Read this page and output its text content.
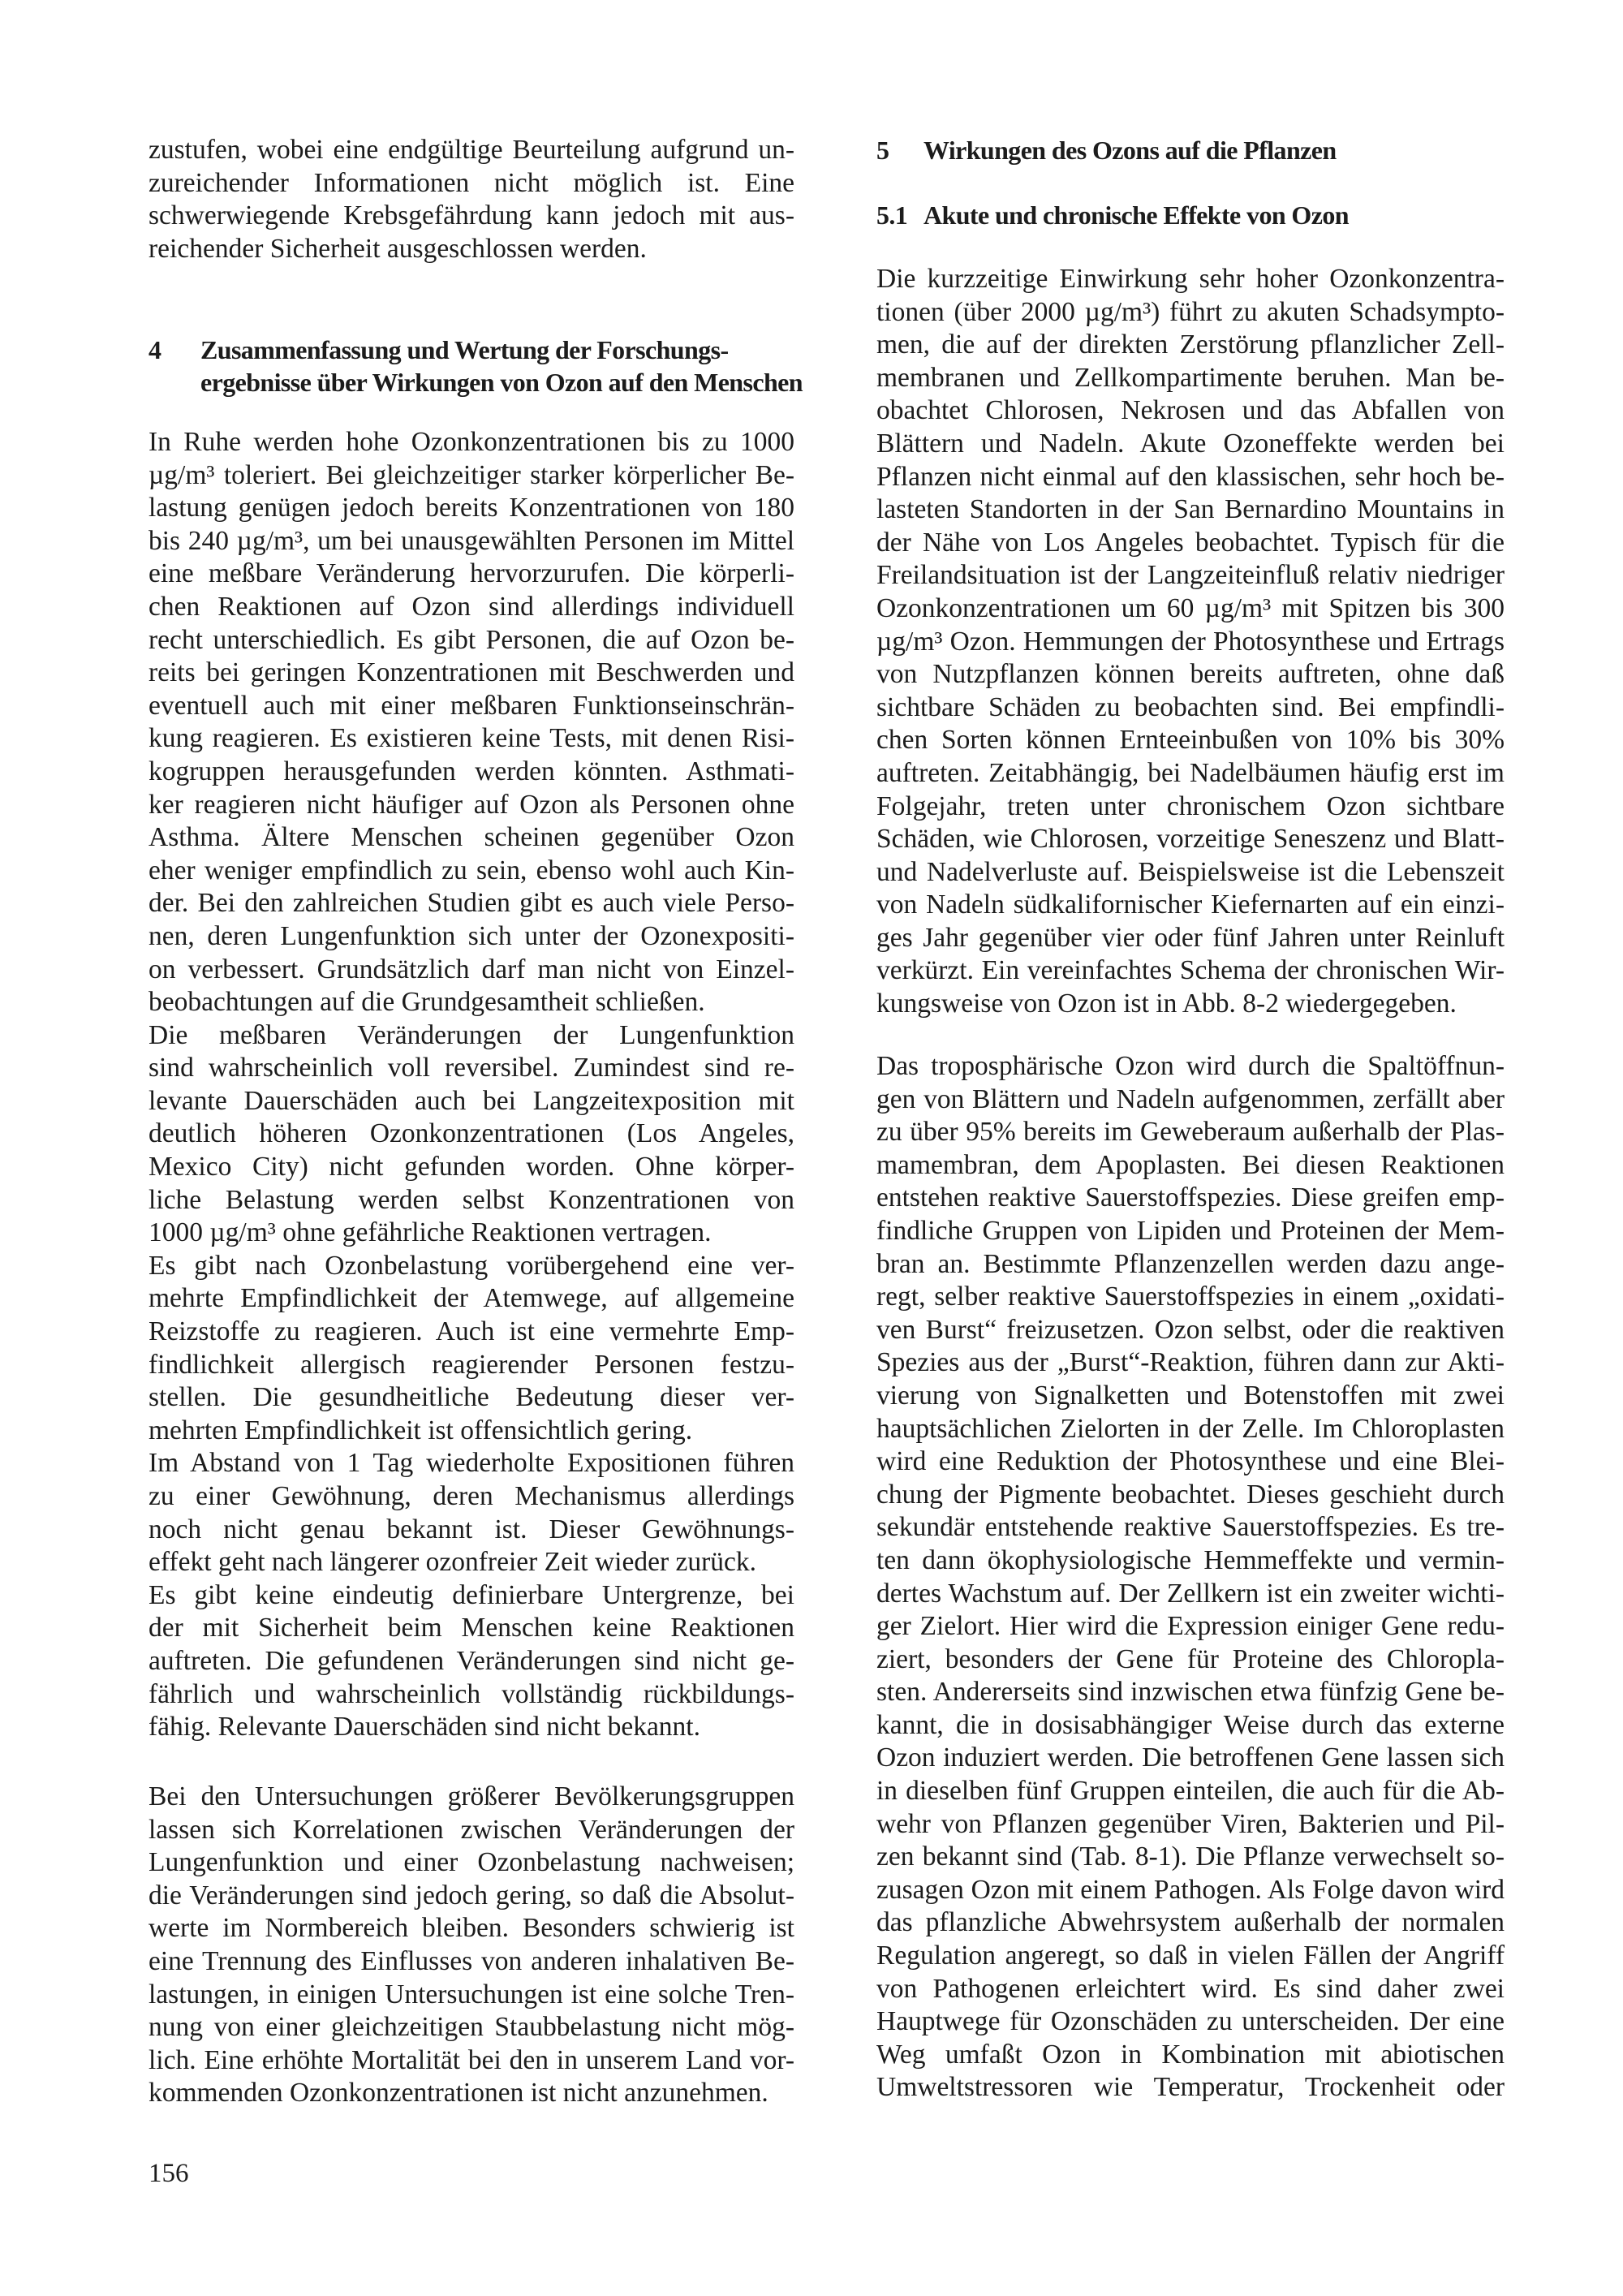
zustufen, wobei eine endgültige Beurteilung aufgrund un-
zureichender Informationen nicht möglich ist. Eine
schwerwiegende Krebsgefährdung kann jedoch mit aus-
reichender Sicherheit ausgeschlossen werden.
4 Zusammenfassung und Wertung der Forschungs-
ergebnisse über Wirkungen von Ozon auf den Menschen
In Ruhe werden hohe Ozonkonzentrationen bis zu 1000
µg/m³ toleriert. Bei gleichzeitiger starker körperlicher Be-
lastung genügen jedoch bereits Konzentrationen von 180
bis 240 µg/m³, um bei unausgewählten Personen im Mittel
eine meßbare Veränderung hervorzurufen. Die körperli-
chen Reaktionen auf Ozon sind allerdings individuell
recht unterschiedlich. Es gibt Personen, die auf Ozon be-
reits bei geringen Konzentrationen mit Beschwerden und
eventuell auch mit einer meßbaren Funktionseinschrän-
kung reagieren. Es existieren keine Tests, mit denen Risi-
kogruppen herausgefunden werden könnten. Asthmati-
ker reagieren nicht häufiger auf Ozon als Personen ohne
Asthma. Ältere Menschen scheinen gegenüber Ozon
eher weniger empfindlich zu sein, ebenso wohl auch Kin-
der. Bei den zahlreichen Studien gibt es auch viele Perso-
nen, deren Lungenfunktion sich unter der Ozonexpositi-
on verbessert. Grundsätzlich darf man nicht von Einzel-
beobachtungen auf die Grundgesamtheit schließen.
Die meßbaren Veränderungen der Lungenfunktion
sind wahrscheinlich voll reversibel. Zumindest sind re-
levante Dauerschäden auch bei Langzeitexposition mit
deutlich höheren Ozonkonzentrationen (Los Angeles,
Mexico City) nicht gefunden worden. Ohne körper-
liche Belastung werden selbst Konzentrationen von
1000 µg/m³ ohne gefährliche Reaktionen vertragen.
Es gibt nach Ozonbelastung vorübergehend eine ver-
mehrte Empfindlichkeit der Atemwege, auf allgemeine
Reizstoffe zu reagieren. Auch ist eine vermehrte Emp-
findlichkeit allergisch reagierender Personen festzu-
stellen. Die gesundheitliche Bedeutung dieser ver-
mehrten Empfindlichkeit ist offensichtlich gering.
Im Abstand von 1 Tag wiederholte Expositionen führen
zu einer Gewöhnung, deren Mechanismus allerdings
noch nicht genau bekannt ist. Dieser Gewöhnungs-
effekt geht nach längerer ozonfreier Zeit wieder zurück.
Es gibt keine eindeutig definierbare Untergrenze, bei
der mit Sicherheit beim Menschen keine Reaktionen
auftreten. Die gefundenen Veränderungen sind nicht ge-
fährlich und wahrscheinlich vollständig rückbildungs-
fähig. Relevante Dauerschäden sind nicht bekannt.
Bei den Untersuchungen größerer Bevölkerungsgruppen
lassen sich Korrelationen zwischen Veränderungen der
Lungenfunktion und einer Ozonbelastung nachweisen;
die Veränderungen sind jedoch gering, so daß die Absolut-
werte im Normbereich bleiben. Besonders schwierig ist
eine Trennung des Einflusses von anderen inhalativen Be-
lastungen, in einigen Untersuchungen ist eine solche Tren-
nung von einer gleichzeitigen Staubbelastung nicht mög-
lich. Eine erhöhte Mortalität bei den in unserem Land vor-
kommenden Ozonkonzentrationen ist nicht anzunehmen.
5 Wirkungen des Ozons auf die Pflanzen
5.1 Akute und chronische Effekte von Ozon
Die kurzzeitige Einwirkung sehr hoher Ozonkonzentra-
tionen (über 2000 µg/m³) führt zu akuten Schadsympto-
men, die auf der direkten Zerstörung pflanzlicher Zell-
membranen und Zellkompartimente beruhen. Man be-
obachtet Chlorosen, Nekrosen und das Abfallen von
Blättern und Nadeln. Akute Ozoneffekte werden bei
Pflanzen nicht einmal auf den klassischen, sehr hoch be-
lasteten Standorten in der San Bernardino Mountains in
der Nähe von Los Angeles beobachtet. Typisch für die
Freilandsituation ist der Langzeiteinfluß relativ niedriger
Ozonkonzentrationen um 60 µg/m³ mit Spitzen bis 300
µg/m³ Ozon. Hemmungen der Photosynthese und Ertrags
von Nutzpflanzen können bereits auftreten, ohne daß
sichtbare Schäden zu beobachten sind. Bei empfindli-
chen Sorten können Ernteeinbußen von 10% bis 30%
auftreten. Zeitabhängig, bei Nadelbäumen häufig erst im
Folgejahr, treten unter chronischem Ozon sichtbare
Schäden, wie Chlorosen, vorzeitige Seneszenz und Blatt-
und Nadelverluste auf. Beispielsweise ist die Lebenszeit
von Nadeln südkalifornischer Kiefernarten auf ein einzi-
ges Jahr gegenüber vier oder fünf Jahren unter Reinluft
verkürzt. Ein vereinfachtes Schema der chronischen Wir-
kungsweise von Ozon ist in Abb. 8-2 wiedergegeben.
Das troposphärische Ozon wird durch die Spaltöffnun-
gen von Blättern und Nadeln aufgenommen, zerfällt aber
zu über 95% bereits im Geweberaum außerhalb der Plas-
mamembran, dem Apoplasten. Bei diesen Reaktionen
entstehen reaktive Sauerstoffspezies. Diese greifen emp-
findliche Gruppen von Lipiden und Proteinen der Mem-
bran an. Bestimmte Pflanzenzellen werden dazu ange-
regt, selber reaktive Sauerstoffspezies in einem „oxidati-
ven Burst“ freizusetzen. Ozon selbst, oder die reaktiven
Spezies aus der „Burst“-Reaktion, führen dann zur Akti-
vierung von Signalketten und Botenstoffen mit zwei
hauptsächlichen Zielorten in der Zelle. Im Chloroplasten
wird eine Reduktion der Photosynthese und eine Blei-
chung der Pigmente beobachtet. Dieses geschieht durch
sekundär entstehende reaktive Sauerstoffspezies. Es tre-
ten dann ökophysiologische Hemmeffekte und vermin-
dertes Wachstum auf. Der Zellkern ist ein zweiter wichti-
ger Zielort. Hier wird die Expression einiger Gene redu-
ziert, besonders der Gene für Proteine des Chloropla-
sten. Andererseits sind inzwischen etwa fünfzig Gene be-
kannt, die in dosisabhängiger Weise durch das externe
Ozon induziert werden. Die betroffenen Gene lassen sich
in dieselben fünf Gruppen einteilen, die auch für die Ab-
wehr von Pflanzen gegenüber Viren, Bakterien und Pil-
zen bekannt sind (Tab. 8-1). Die Pflanze verwechselt so-
zusagen Ozon mit einem Pathogen. Als Folge davon wird
das pflanzliche Abwehrsystem außerhalb der normalen
Regulation angeregt, so daß in vielen Fällen der Angriff
von Pathogenen erleichtert wird. Es sind daher zwei
Hauptwege für Ozonschäden zu unterscheiden. Der eine
Weg umfaßt Ozon in Kombination mit abiotischen
Umweltstressoren wie Temperatur, Trockenheit oder
156
